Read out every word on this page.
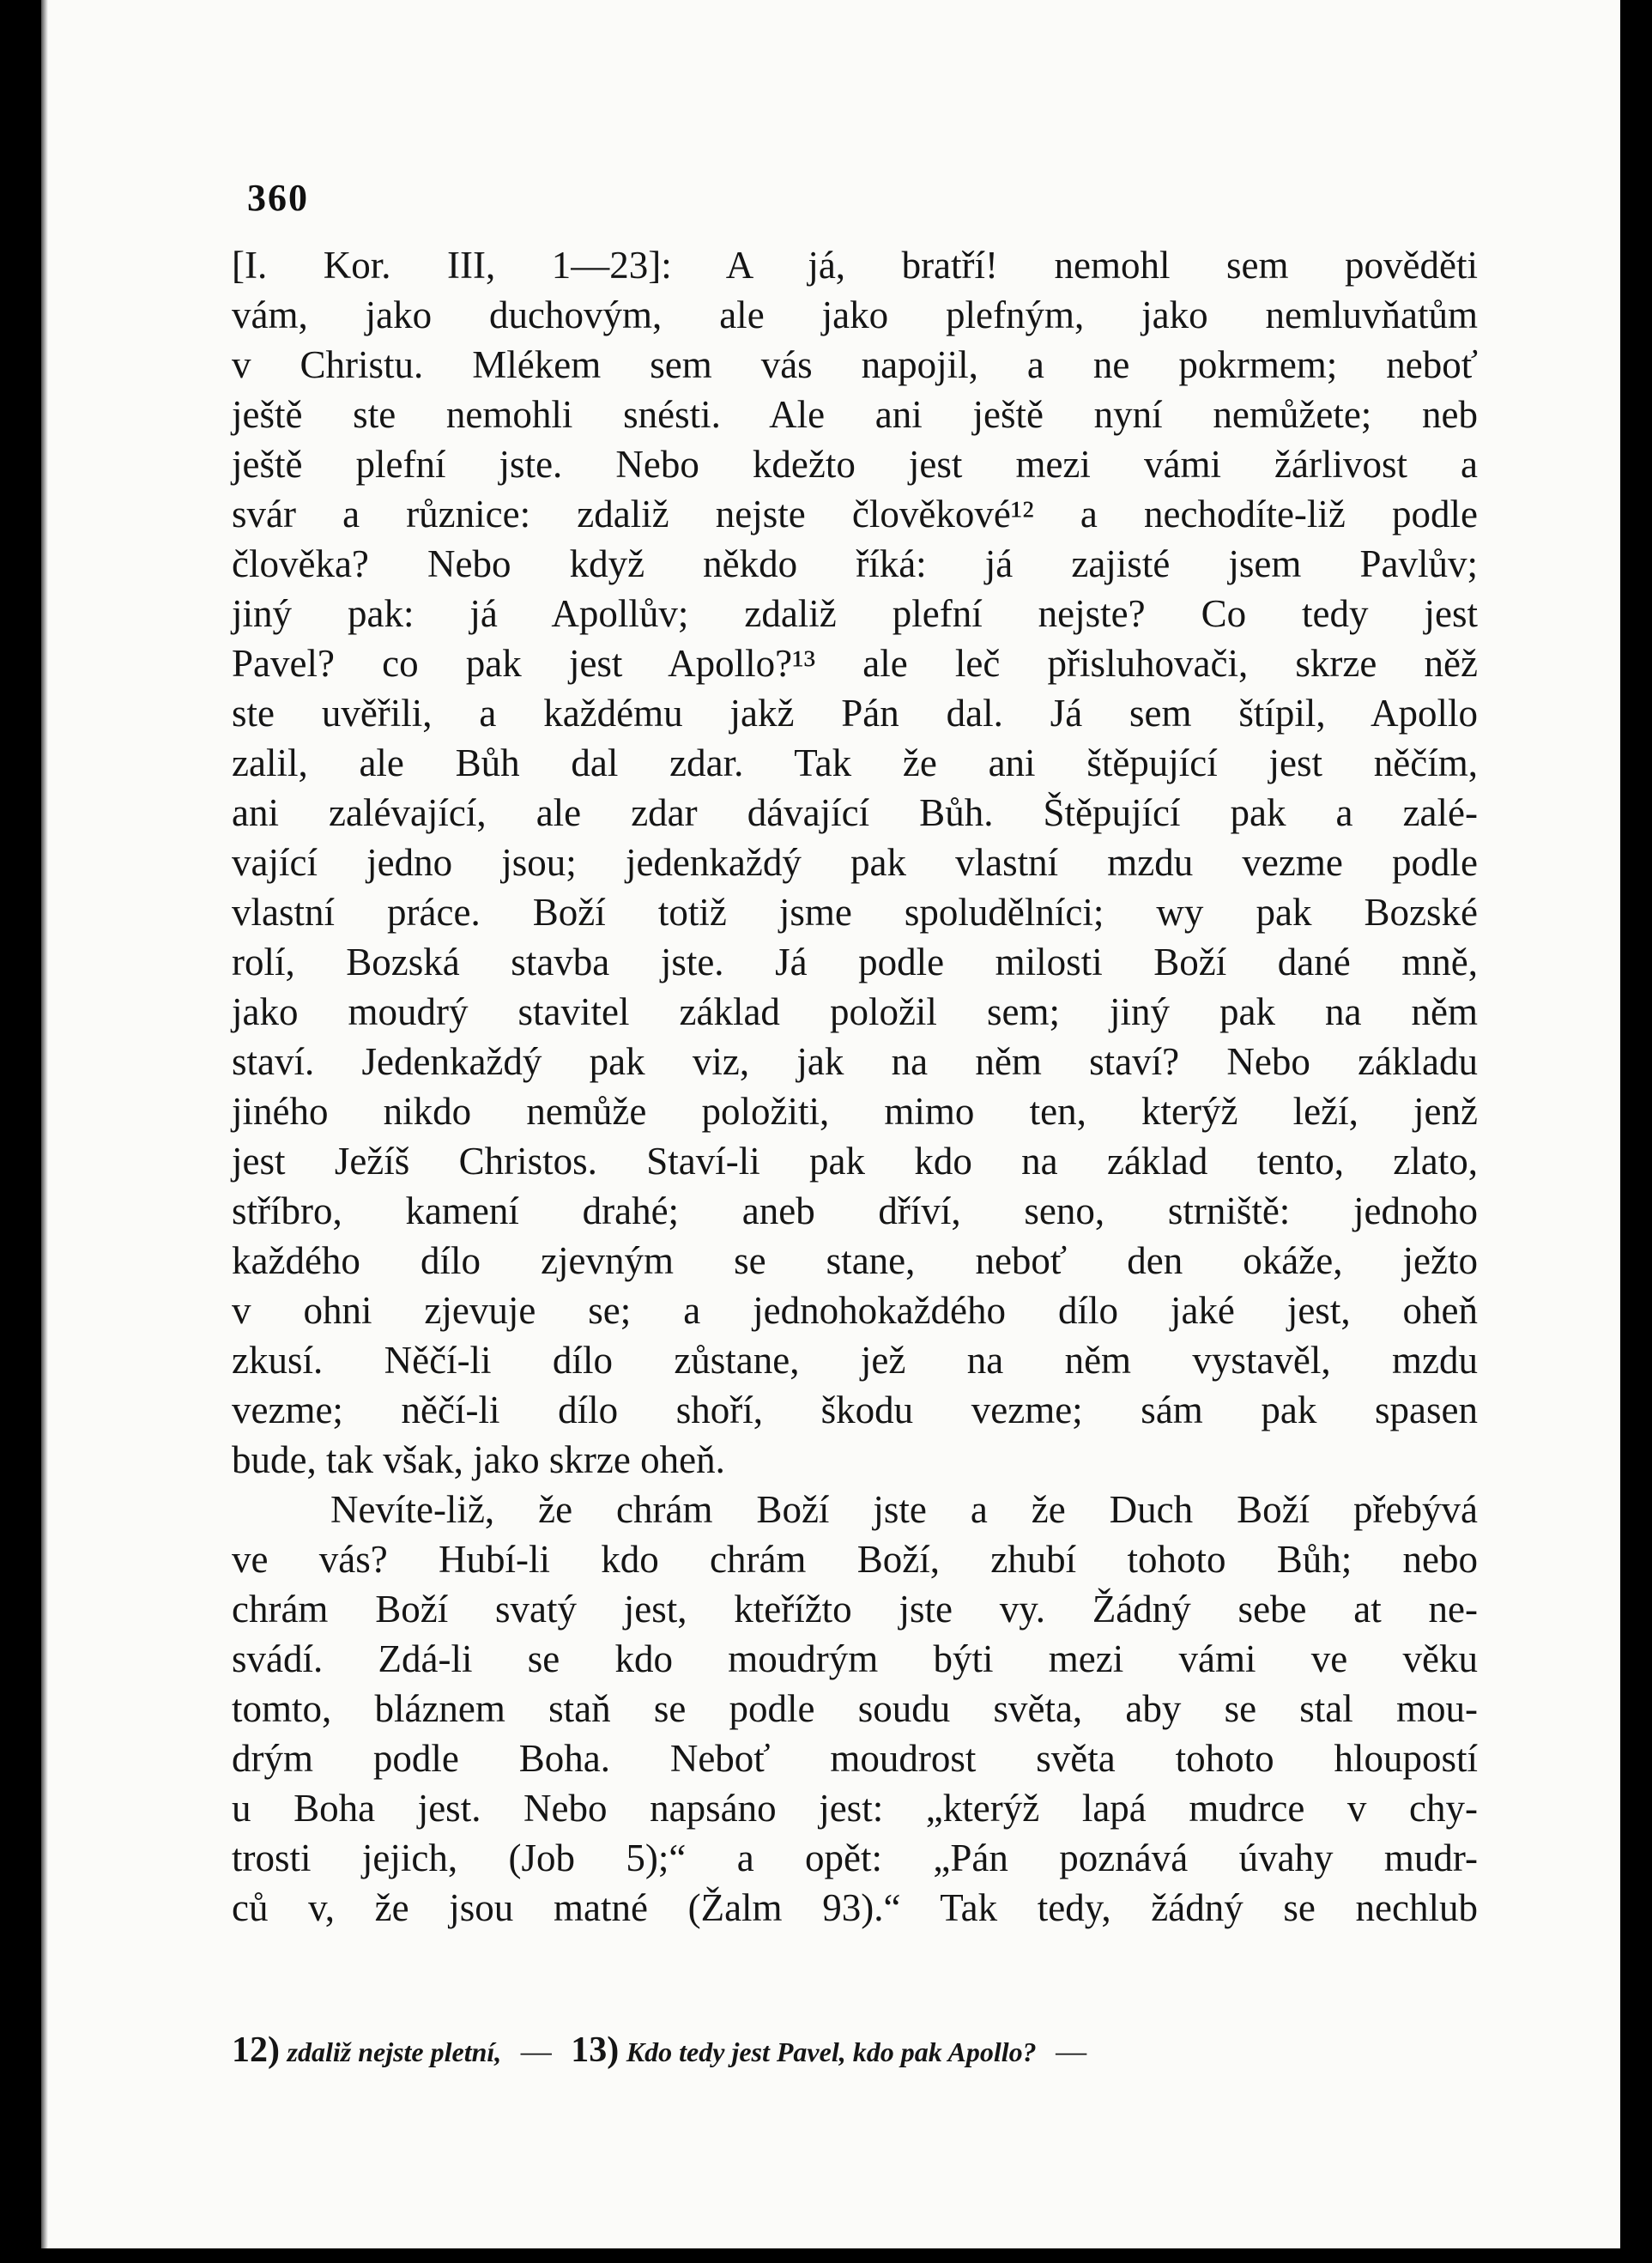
360
[I. Kor. III, 1—23]: A já, bratří! nemohl sem pověděti
vám, jako duchovým, ale jako plefným, jako nemluvňatům
v Christu. Mlékem sem vás napojil, a ne pokrmem; neboť
ještě ste nemohli snésti. Ale ani ještě nyní nemůžete; neb
ještě plefní jste. Nebo kdežto jest mezi vámi žárlivost a
svár a různice: zdaliž nejste člověkové¹² a nechodíte-liž podle
člověka? Nebo když někdo říká: já zajisté jsem Pavlův;
jiný pak: já Apollův; zdaliž plefní nejste? Co tedy jest
Pavel? co pak jest Apollo?¹³ ale leč přisluhovači, skrze něž
ste uvěřili, a každému jakž Pán dal. Já sem štípil, Apollo
zalil, ale Bůh dal zdar. Tak že ani štěpující jest něčím,
ani zalévající, ale zdar dávající Bůh. Štěpující pak a zalé-
vající jedno jsou; jedenkaždý pak vlastní mzdu vezme podle
vlastní práce. Boží totiž jsme spoludělníci; wy pak Bozské
rolí, Bozská stavba jste. Já podle milosti Boží dané mně,
jako moudrý stavitel základ položil sem; jiný pak na něm
staví. Jedenkaždý pak viz, jak na něm staví? Nebo základu
jiného nikdo nemůže položiti, mimo ten, kterýž leží, jenž
jest Ježíš Christos. Staví-li pak kdo na základ tento, zlato,
stříbro, kamení drahé; aneb dříví, seno, strniště: jednoho
každého dílo zjevným se stane, neboť den okáže, ježto
v ohni zjevuje se; a jednohokaždého dílo jaké jest, oheň
zkusí. Něčí-li dílo zůstane, jež na něm vystavěl, mzdu
vezme; něčí-li dílo shoří, škodu vezme; sám pak spasen
bude, tak však, jako skrze oheň.
Nevíte-liž, že chrám Boží jste a že Duch Boží přebývá
ve vás? Hubí-li kdo chrám Boží, zhubí tohoto Bůh; nebo
chrám Boží svatý jest, kteřížto jste vy. Žádný sebe at ne-
svádí. Zdá-li se kdo moudrým býti mezi vámi ve věku
tomto, bláznem staň se podle soudu světa, aby se stal mou-
drým podle Boha. Neboť moudrost světa tohoto hloupostí
u Boha jest. Nebo napsáno jest: „kterýž lapá mudrce v chy-
trosti jejich, (Job 5);“ a opět: „Pán poznává úvahy mudr-
ců v, že jsou matné (Žalm 93).“ Tak tedy, žádný se nechlub
12) zdaliž nejste pletní, — 13) Kdo tedy jest Pavel, kdo pak Apollo? —
